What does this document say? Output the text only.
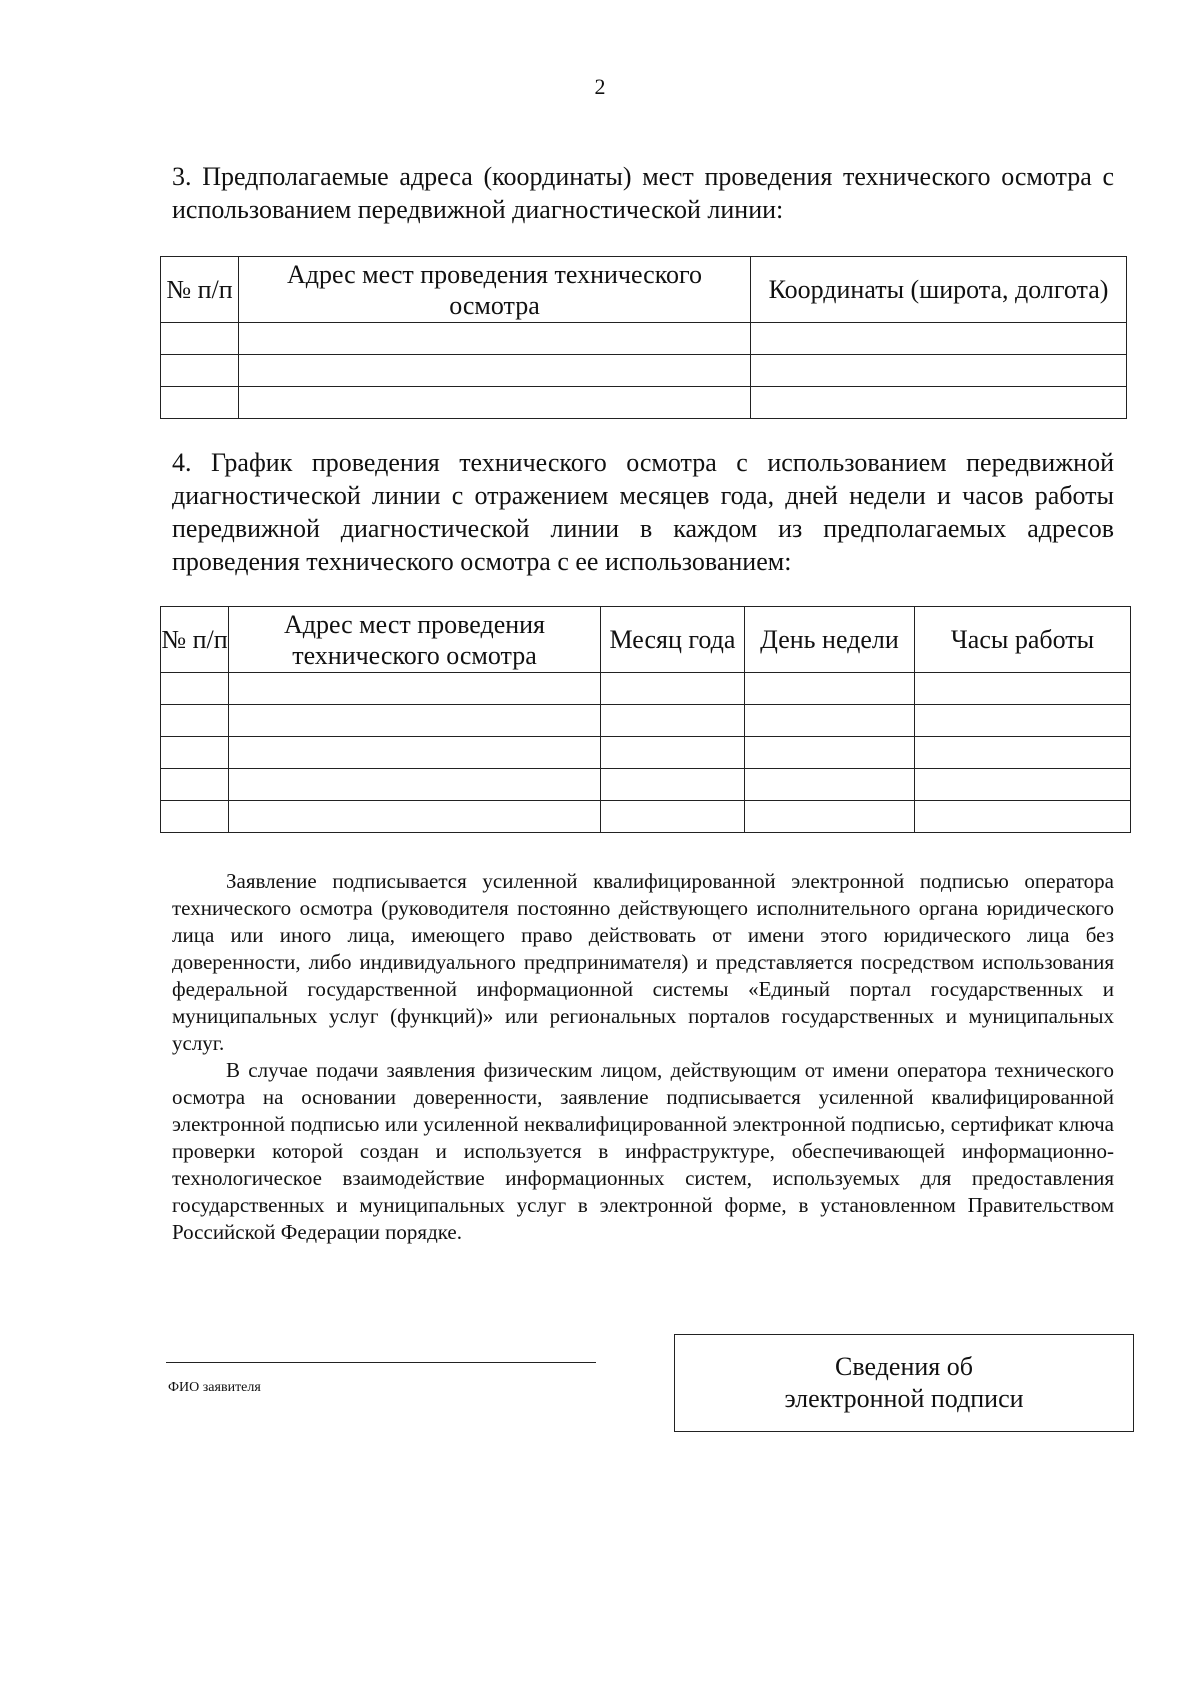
2

3. Предполагаемые адреса (координаты) мест проведения технического осмотра с использованием передвижной диагностической линии:

№ п/п	Адрес мест проведения технического осмотра	Координаты (широта, долгота)

4. График проведения технического осмотра с использованием передвижной диагностической линии с отражением месяцев года, дней недели и часов работы передвижной диагностической линии в каждом из предполагаемых адресов проведения технического осмотра с ее использованием:

№ п/п	Адрес мест проведения технического осмотра	Месяц года	День недели	Часы работы

Заявление подписывается усиленной квалифицированной электронной подписью оператора технического осмотра (руководителя постоянно действующего исполнительного органа юридического лица или иного лица, имеющего право действовать от имени этого юридического лица без доверенности, либо индивидуального предпринимателя) и представляется посредством использования федеральной государственной информационной системы «Единый портал государственных и муниципальных услуг (функций)» или региональных порталов государственных и муниципальных услуг.

В случае подачи заявления физическим лицом, действующим от имени оператора технического осмотра на основании доверенности, заявление подписывается усиленной квалифицированной электронной подписью или усиленной неквалифицированной электронной подписью, сертификат ключа проверки которой создан и используется в инфраструктуре, обеспечивающей информационно-технологическое взаимодействие информационных систем, используемых для предоставления государственных и муниципальных услуг в электронной форме, в установленном Правительством Российской Федерации порядке.

ФИО заявителя
Сведения об электронной подписи
